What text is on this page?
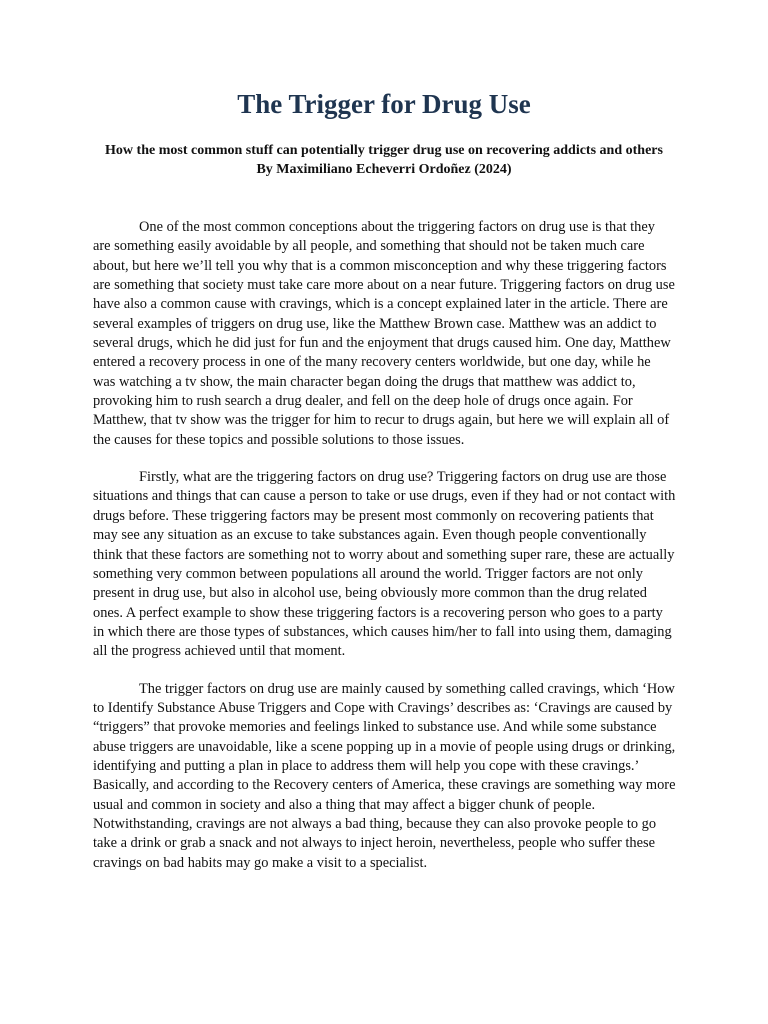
The Trigger for Drug Use
How the most common stuff can potentially trigger drug use on recovering addicts and others
By Maximiliano Echeverri Ordoñez (2024)

One of the most common conceptions about the triggering factors on drug use is that they are something easily avoidable by all people, and something that should not be taken much care about, but here we’ll tell you why that is a common misconception and why these triggering factors are something that society must take care more about on a near future. Triggering factors on drug use have also a common cause with cravings, which is a concept explained later in the article. There are several examples of triggers on drug use, like the Matthew Brown case. Matthew was an addict to several drugs, which he did just for fun and the enjoyment that drugs caused him. One day, Matthew entered a recovery process in one of the many recovery centers worldwide, but one day, while he was watching a tv show, the main character began doing the drugs that matthew was addict to, provoking him to rush search a drug dealer, and fell on the deep hole of drugs once again. For Matthew, that tv show was the trigger for him to recur to drugs again, but here we will explain all of the causes for these topics and possible solutions to those issues.

Firstly, what are the triggering factors on drug use? Triggering factors on drug use are those situations and things that can cause a person to take or use drugs, even if they had or not contact with drugs before. These triggering factors may be present most commonly on recovering patients that may see any situation as an excuse to take substances again. Even though people conventionally think that these factors are something not to worry about and something super rare, these are actually something very common between populations all around the world. Trigger factors are not only present in drug use, but also in alcohol use, being obviously more common than the drug related ones. A perfect example to show these triggering factors is a recovering person who goes to a party in which there are those types of substances, which causes him/her to fall into using them, damaging all the progress achieved until that moment.

The trigger factors on drug use are mainly caused by something called cravings, which ‘How to Identify Substance Abuse Triggers and Cope with Cravings’ describes as: ‘Cravings are caused by “triggers” that provoke memories and feelings linked to substance use. And while some substance abuse triggers are unavoidable, like a scene popping up in a movie of people using drugs or drinking, identifying and putting a plan in place to address them will help you cope with these cravings.’ Basically, and according to the Recovery centers of America, these cravings are something way more usual and common in society and also a thing that may affect a bigger chunk of people. Notwithstanding, cravings are not always a bad thing, because they can also provoke people to go take a drink or grab a snack and not always to inject heroin, nevertheless, people who suffer these cravings on bad habits may go make a visit to a specialist.
